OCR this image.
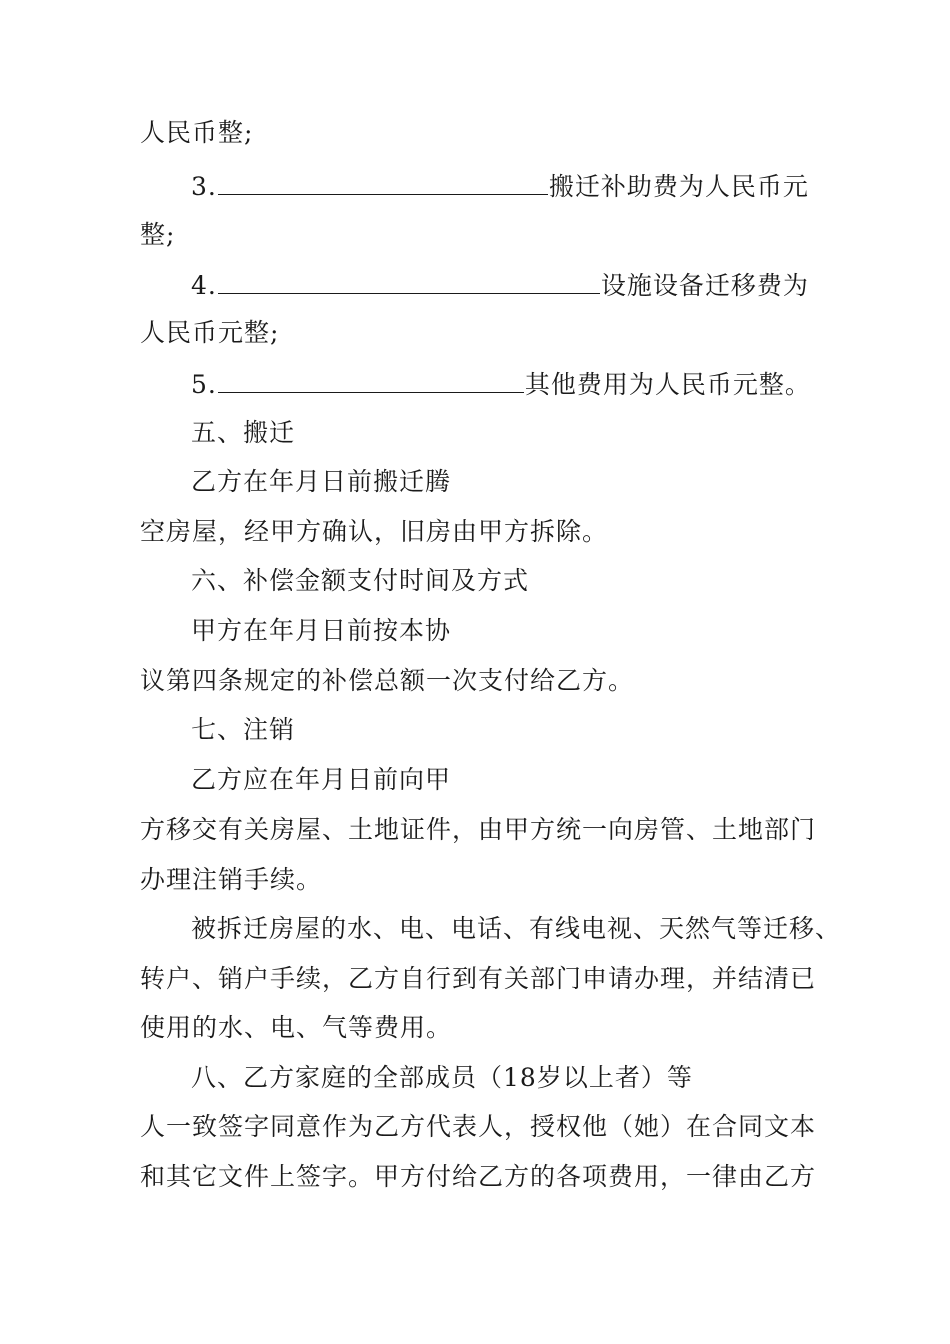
人民币整;
3.	搬迁补助费为人民币元
整;
4.	设施设备迁移费为
人民币元整;
5.	其他费用为人民币元整。
五、搬迁
乙方在年月日前搬迁腾
空房屋，经甲方确认，旧房由甲方拆除。
六、补偿金额支付时间及方式
甲方在年月日前按本协
议第四条规定的补偿总额一次支付给乙方。
七、注销
乙方应在年月日前向甲
方移交有关房屋、土地证件，由甲方统一向房管、土地部门
办理注销手续。
被拆迁房屋的水、电、电话、有线电视、天然气等迁移、
转户、销户手续，乙方自行到有关部门申请办理，并结清已
使用的水、电、气等费用。
八、乙方家庭的全部成员（18岁以上者）等
人一致签字同意作为乙方代表人，授权他（她）在合同文本
和其它文件上签字。甲方付给乙方的各项费用，一律由乙方
